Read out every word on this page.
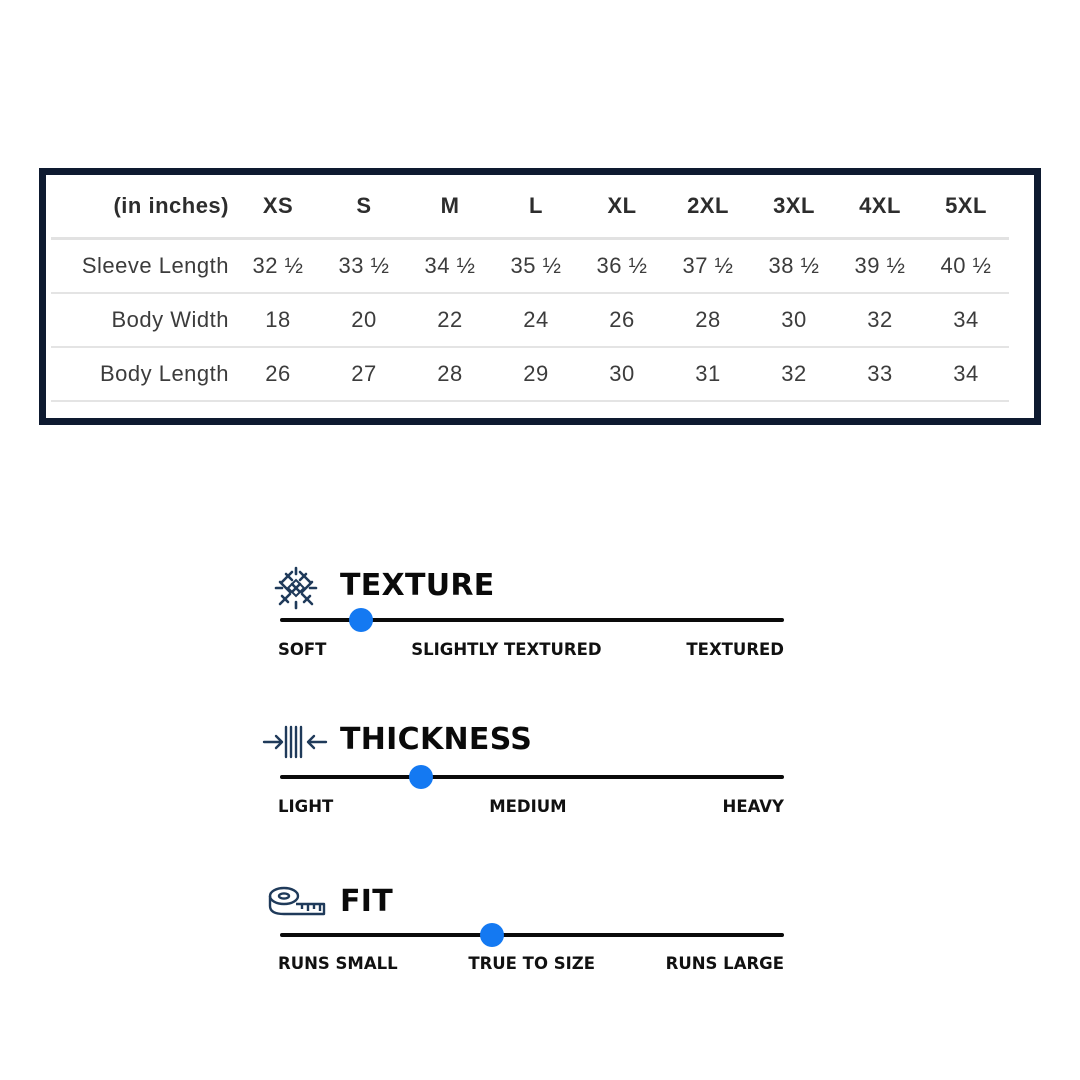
(in inches)	XS	S	M	L	XL	2XL	3XL	4XL	5XL
Sleeve Length	32 ½	33 ½	34 ½	35 ½	36 ½	37 ½	38 ½	39 ½	40 ½
Body Width	18	20	22	24	26	28	30	32	34
Body Length	26	27	28	29	30	31	32	33	34
TEXTURE
SOFT	SLIGHTLY TEXTURED	TEXTURED
THICKNESS
LIGHT	MEDIUM	HEAVY
FIT
RUNS SMALL	TRUE TO SIZE	RUNS LARGE
